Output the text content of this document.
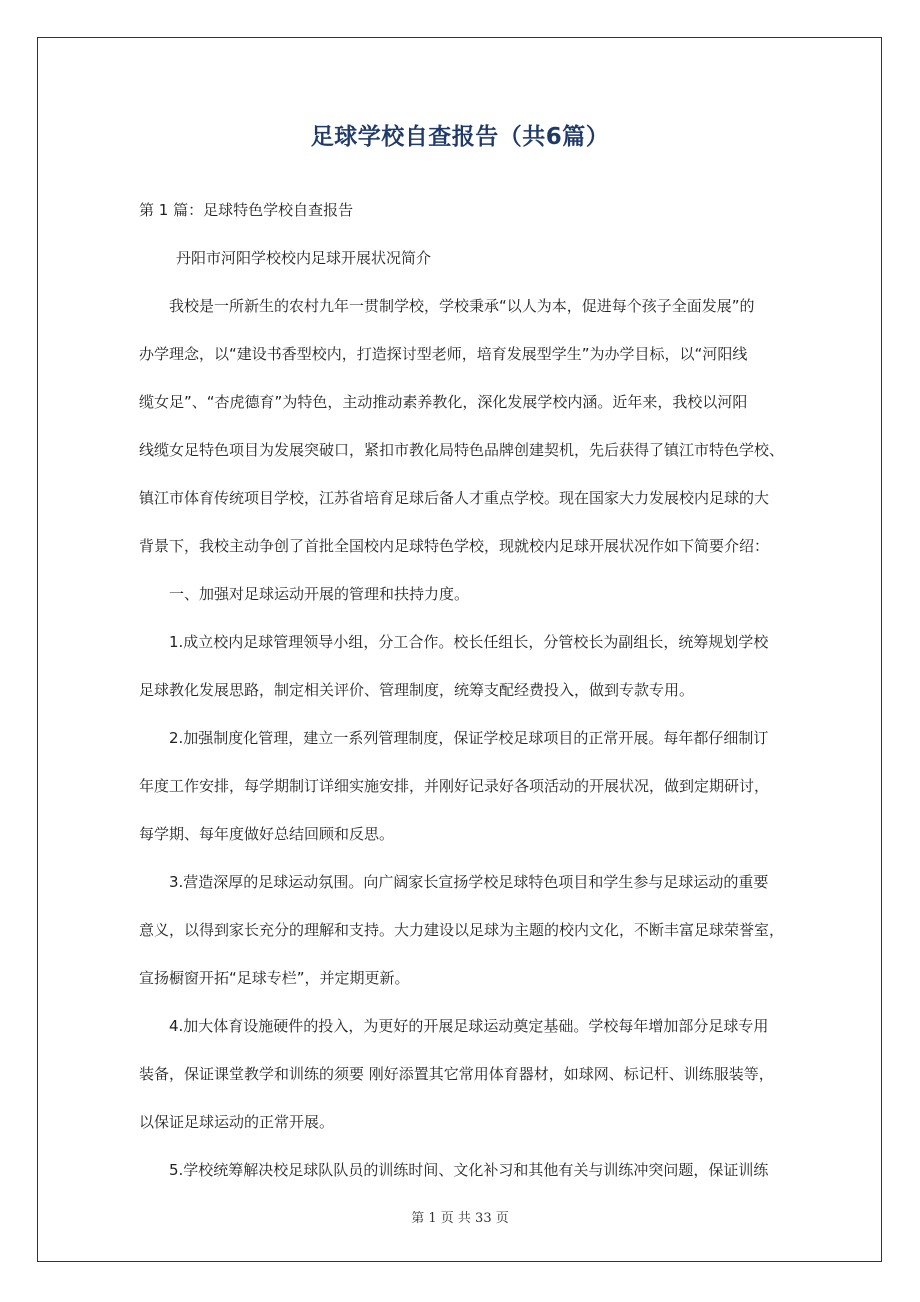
足球学校自查报告（共6篇）
第 1 篇：足球特色学校自查报告
丹阳市河阳学校校内足球开展状况简介
我校是一所新生的农村九年一贯制学校，学校秉承“以人为本，促进每个孩子全面发展”的
办学理念，以“建设书香型校内，打造探讨型老师，培育发展型学生”为办学目标，以“河阳线
缆女足”、“杏虎德育”为特色，主动推动素养教化，深化发展学校内涵。近年来，我校以河阳
线缆女足特色项目为发展突破口，紧扣市教化局特色品牌创建契机，先后获得了镇江市特色学校、
镇江市体育传统项目学校，江苏省培育足球后备人才重点学校。现在国家大力发展校内足球的大
背景下，我校主动争创了首批全国校内足球特色学校，现就校内足球开展状况作如下简要介绍：
一、加强对足球运动开展的管理和扶持力度。
1.成立校内足球管理领导小组，分工合作。校长任组长，分管校长为副组长，统筹规划学校
足球教化发展思路，制定相关评价、管理制度，统筹支配经费投入，做到专款专用。
2.加强制度化管理，建立一系列管理制度，保证学校足球项目的正常开展。每年都仔细制订
年度工作安排，每学期制订详细实施安排，并刚好记录好各项活动的开展状况，做到定期研讨，
每学期、每年度做好总结回顾和反思。
3.营造深厚的足球运动氛围。向广阔家长宣扬学校足球特色项目和学生参与足球运动的重要
意义，以得到家长充分的理解和支持。大力建设以足球为主题的校内文化，不断丰富足球荣誉室，
宣扬橱窗开拓“足球专栏”，并定期更新。
4.加大体育设施硬件的投入，为更好的开展足球运动奠定基础。学校每年增加部分足球专用
装备，保证课堂教学和训练的须要 刚好添置其它常用体育器材，如球网、标记杆、训练服装等，
以保证足球运动的正常开展。
5.学校统筹解决校足球队队员的训练时间、文化补习和其他有关与训练冲突问题，保证训练
第 1 页 共 33 页
